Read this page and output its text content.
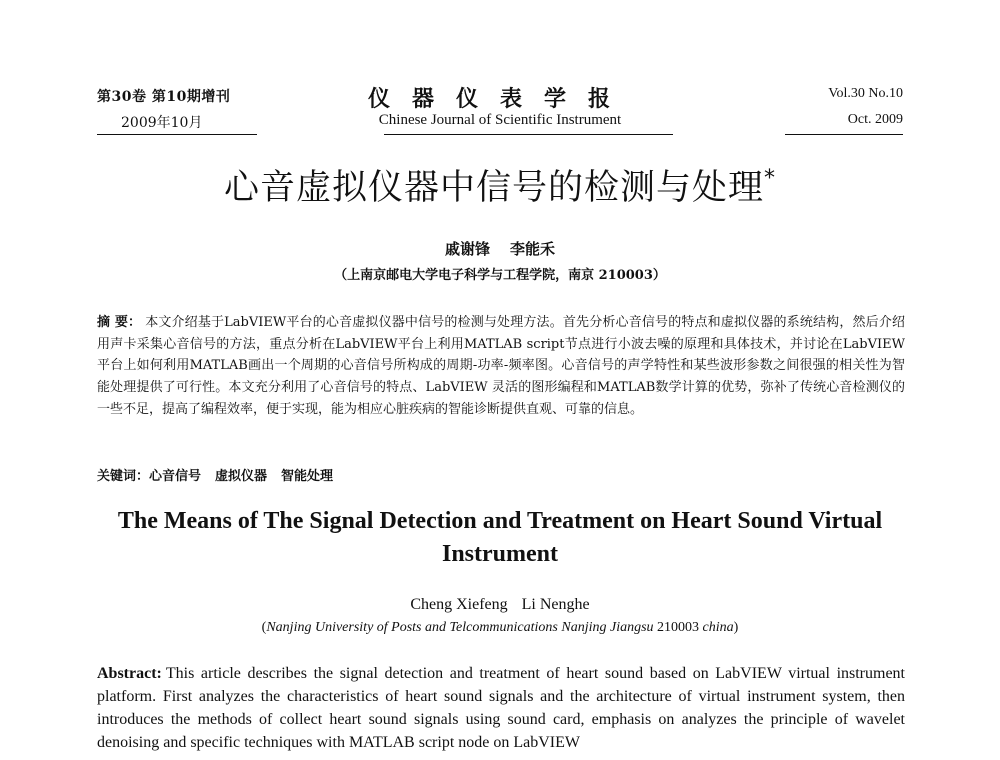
第30卷 第10期增刊	仪器仪表学报	Vol.30 No.10
2009年10月	Chinese Journal of Scientific Instrument	Oct. 2009
心音虚拟仪器中信号的检测与处理*
戚谢锋 李能禾
（上南京邮电大学电子科学与工程学院，南京 210003）
摘 要： 本文介绍基于LabVIEW平台的心音虚拟仪器中信号的检测与处理方法。首先分析心音信号的特点和虚拟仪器的系统结构，然后介绍用声卡采集心音信号的方法，重点分析在LabVIEW平台上利用MATLAB script节点进行小波去噪的原理和具体技术，并讨论在LabVIEW平台上如何利用MATLAB画出一个周期的心音信号所构成的周期-功率-频率图。心音信号的声学特性和某些波形参数之间很强的相关性为智能处理提供了可行性。本文充分利用了心音信号的特点、LabVIEW 灵活的图形编程和MATLAB数学计算的优势，弥补了传统心音检测仪的一些不足，提高了编程效率，便于实现，能为相应心脏疾病的智能诊断提供直观、可靠的信息。
关键词：心音信号 虚拟仪器 智能处理
The Means of The Signal Detection and Treatment on Heart Sound Virtual Instrument
Cheng Xiefeng Li Nenghe
(Nanjing University of Posts and Telcommunications Nanjing Jiangsu 210003 china)
Abstract: This article describes the signal detection and treatment of heart sound based on LabVIEW virtual instrument platform. First analyzes the characteristics of heart sound signals and the architecture of virtual instrument system, then introduces the methods of collect heart sound signals using sound card, emphasis on analyzes the principle of wavelet denoising and specific techniques with MATLAB script node on LabVIEW
